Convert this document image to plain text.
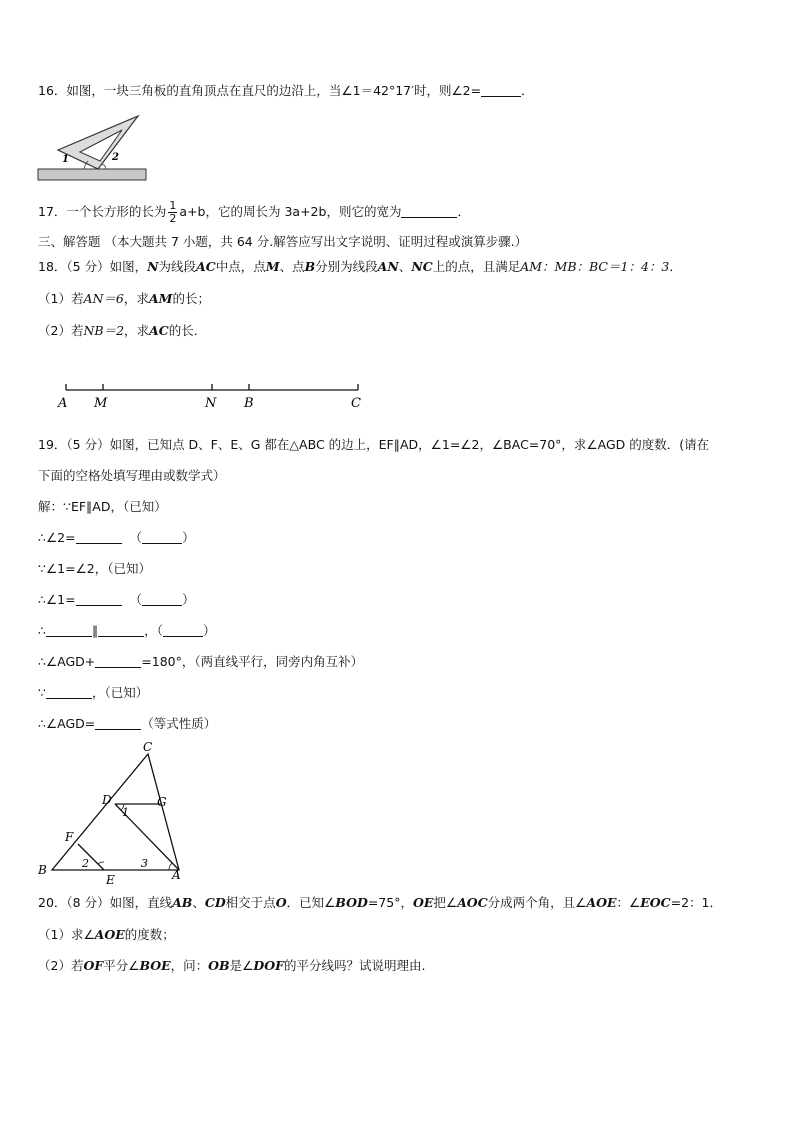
16．如图，一块三角板的直角顶点在直尺的边沿上，当∠1＝42°17′时，则∠2=	．
1	2
17．一个长方形的长为 $\frac{1}{2} a+b$，它的周长为 3a+2b，则它的宽为	．
三、解答题 （本大题共 7 小题，共 64 分.解答应写出文字说明、证明过程或演算步骤.）
18．（5 分）如图，N为线段AC中点，点M、点B分别为线段AN、NC上的点，且满足AM：MB：BC＝1：4：3．
（1）若AN＝6，求AM的长；
（2）若NB＝2，求AC的长.
A M	N B	C
19．（5 分）如图，已知点 D、F、E、G 都在△ABC 的边上，EF∥AD，∠1=∠2，∠BAC=70°，求∠AGD 的度数．(请在
下面的空格处填写理由或数学式）
解：∵EF∥AD，（已知）
∴∠2=	（	）
∵∠1=∠2，（已知）
∴∠1=	（	）
∴	∥	，（	）
∴∠AGD+	=180°，（两直线平行，同旁内角互补）
∵	，（已知）
∴∠AGD=	（等式性质）
C
D	G
1
F
B	2	3
E	A
20．（8 分）如图，直线AB、CD相交于点O．已知∠BOD=75°，OE把∠AOC分成两个角，且∠AOE：∠EOC=2：1．
（1）求∠AOE的度数；
（2）若OF平分∠BOE，问：OB是∠DOF的平分线吗？试说明理由.
